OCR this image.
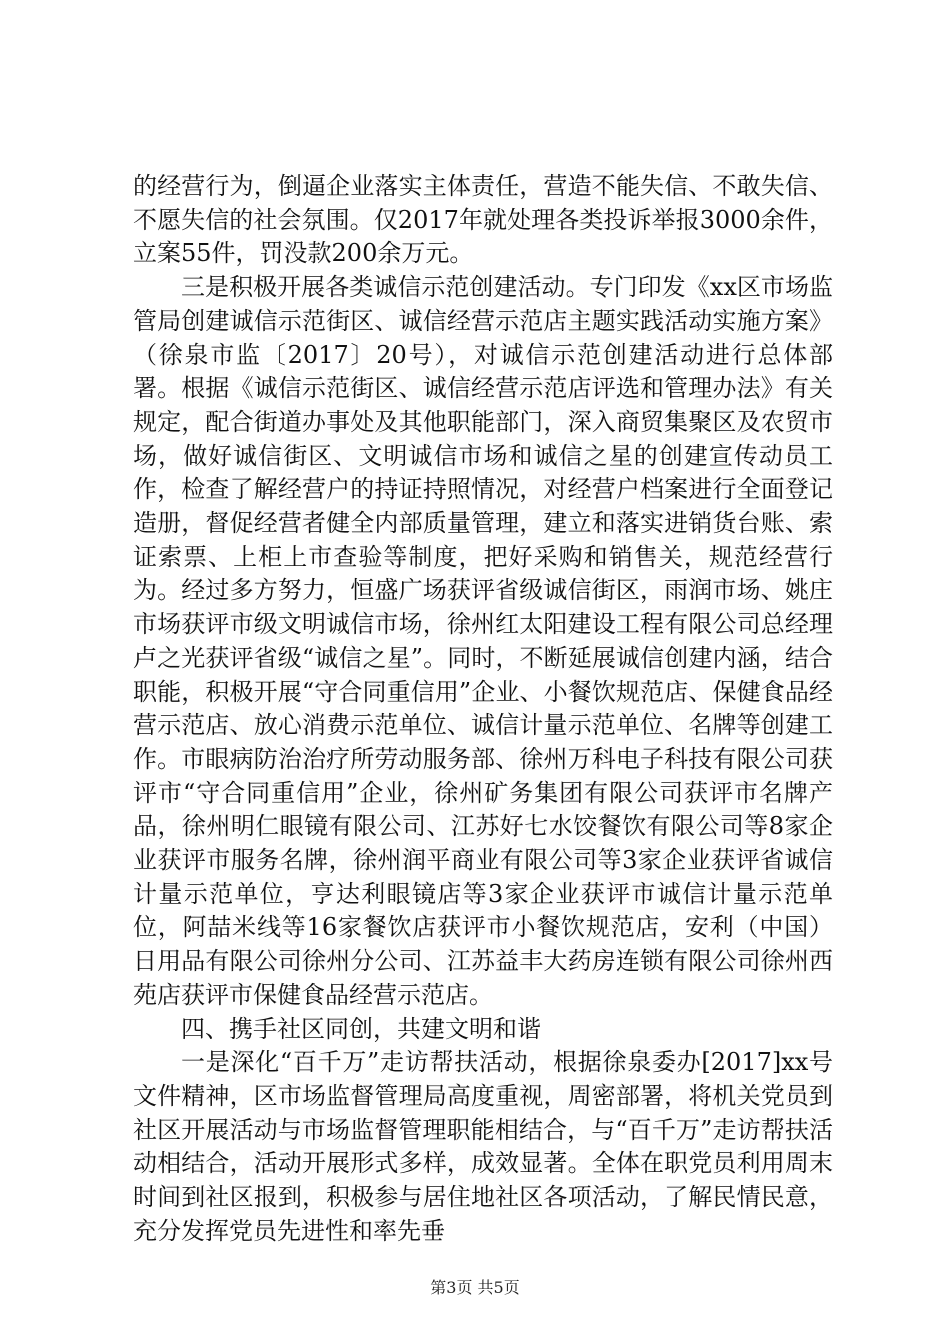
的经营行为，倒逼企业落实主体责任，营造不能失信、不敢失信、不愿失信的社会氛围。仅2017年就处理各类投诉举报3000余件，立案55件，罚没款200余万元。

三是积极开展各类诚信示范创建活动。专门印发《xx区市场监管局创建诚信示范街区、诚信经营示范店主题实践活动实施方案》（徐泉市监〔2017〕20号），对诚信示范创建活动进行总体部署。根据《诚信示范街区、诚信经营示范店评选和管理办法》有关规定，配合街道办事处及其他职能部门，深入商贸集聚区及农贸市场，做好诚信街区、文明诚信市场和诚信之星的创建宣传动员工作，检查了解经营户的持证持照情况，对经营户档案进行全面登记造册，督促经营者健全内部质量管理，建立和落实进销货台账、索证索票、上柜上市查验等制度，把好采购和销售关，规范经营行为。经过多方努力，恒盛广场获评省级诚信街区，雨润市场、姚庄市场获评市级文明诚信市场，徐州红太阳建设工程有限公司总经理卢之光获评省级“诚信之星”。同时，不断延展诚信创建内涵，结合职能，积极开展“守合同重信用”企业、小餐饮规范店、保健食品经营示范店、放心消费示范单位、诚信计量示范单位、名牌等创建工作。市眼病防治治疗所劳动服务部、徐州万科电子科技有限公司获评市“守合同重信用”企业，徐州矿务集团有限公司获评市名牌产品，徐州明仁眼镜有限公司、江苏好七水饺餐饮有限公司等8家企业获评市服务名牌，徐州润平商业有限公司等3家企业获评省诚信计量示范单位，亨达利眼镜店等3家企业获评市诚信计量示范单位，阿喆米线等16家餐饮店获评市小餐饮规范店，安利（中国）日用品有限公司徐州分公司、江苏益丰大药房连锁有限公司徐州西苑店获评市保健食品经营示范店。

四、携手社区同创，共建文明和谐

一是深化“百千万”走访帮扶活动，根据徐泉委办[2017]xx号文件精神，区市场监督管理局高度重视，周密部署，将机关党员到社区开展活动与市场监督管理职能相结合，与“百千万”走访帮扶活动相结合，活动开展形式多样，成效显著。全体在职党员利用周末时间到社区报到，积极参与居住地社区各项活动，了解民情民意，充分发挥党员先进性和率先垂

第3页 共5页
